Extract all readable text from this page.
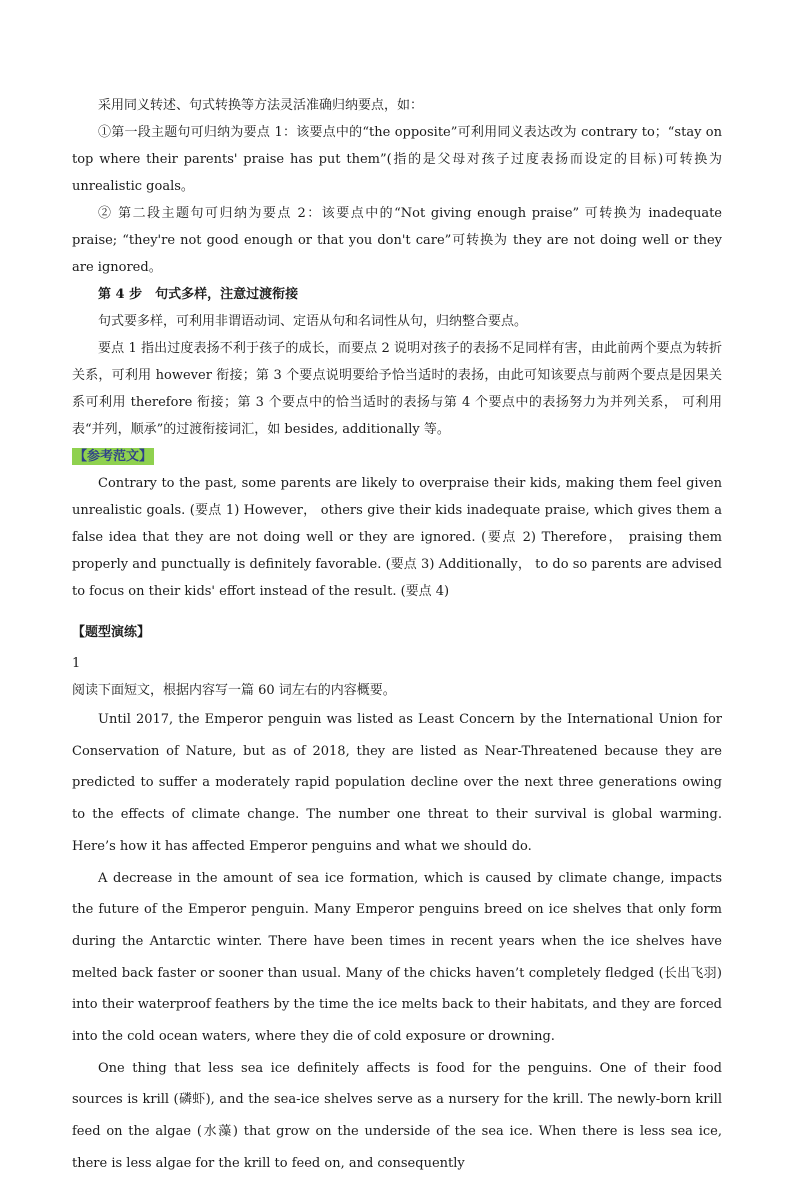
采用同义转述、句式转换等方法灵活准确归纳要点，如：

①第一段主题句可归纳为要点 1：该要点中的“the opposite”可利用同义表达改为 contrary to；“stay on top where their parents' praise has put them”(指的是父母对孩子过度表扬而设定的目标)可转换为 unrealistic goals。

② 第二段主题句可归纳为要点 2：该要点中的“Not giving enough praise” 可转换为 inadequate praise; “they're not good enough or that you don't care”可转换为 they are not doing well or they are ignored。

第 4 步　句式多样，注意过渡衔接

句式要多样，可利用非谓语动词、定语从句和名词性从句，归纳整合要点。

要点 1 指出过度表扬不利于孩子的成长，而要点 2 说明对孩子的表扬不足同样有害，由此前两个要点为转折关系，可利用 however 衔接；第 3 个要点说明要给予恰当适时的表扬，由此可知该要点与前两个要点是因果关系可利用 therefore 衔接；第 3 个要点中的恰当适时的表扬与第 4 个要点中的表扬努力为并列关系， 可利用表“并列，顺承”的过渡衔接词汇，如 besides, additionally 等。

【参考范文】

Contrary to the past, some parents are likely to overpraise their kids, making them feel given unrealistic goals. (要点 1) However， others give their kids inadequate praise, which gives them a false idea that they are not doing well or they are ignored. (要点 2) Therefore， praising them properly and punctually is definitely favorable. (要点 3) Additionally， to do so parents are advised to focus on their kids' effort instead of the result. (要点 4)

【题型演练】

1

阅读下面短文，根据内容写一篇 60 词左右的内容概要。

Until 2017, the Emperor penguin was listed as Least Concern by the International Union for Conservation of Nature, but as of 2018, they are listed as Near-Threatened because they are predicted to suffer a moderately rapid population decline over the next three generations owing to the effects of climate change. The number one threat to their survival is global warming. Here’s how it has affected Emperor penguins and what we should do.

A decrease in the amount of sea ice formation, which is caused by climate change, impacts the future of the Emperor penguin. Many Emperor penguins breed on ice shelves that only form during the Antarctic winter. There have been times in recent years when the ice shelves have melted back faster or sooner than usual. Many of the chicks haven’t completely fledged (长出飞羽) into their waterproof feathers by the time the ice melts back to their habitats, and they are forced into the cold ocean waters, where they die of cold exposure or drowning.

One thing that less sea ice definitely affects is food for the penguins. One of their food sources is krill (磷虾), and the sea-ice shelves serve as a nursery for the krill. The newly-born krill feed on the algae (水藻) that grow on the underside of the sea ice. When there is less sea ice, there is less algae for the krill to feed on, and consequently
